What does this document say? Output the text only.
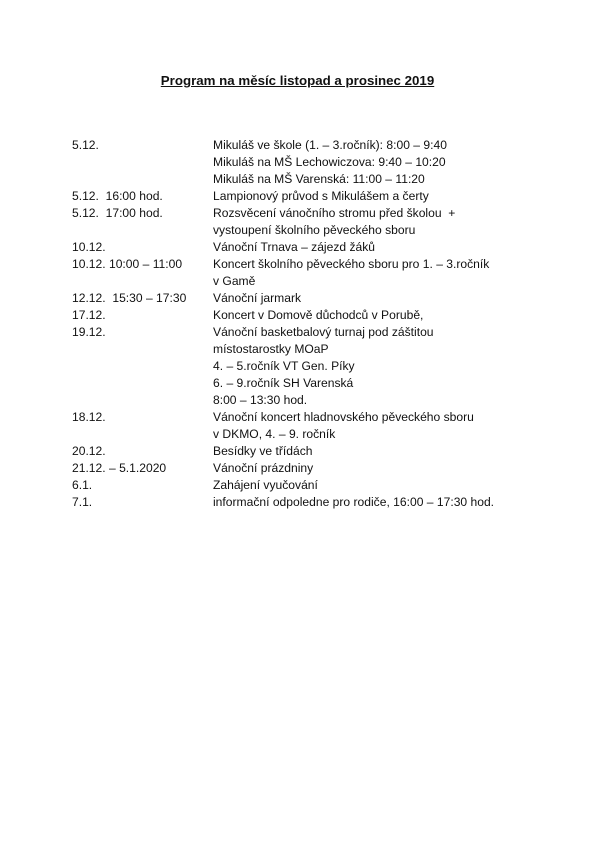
Program na měsíc listopad a prosinec 2019
5.12.	Mikuláš ve škole (1. – 3.ročník): 8:00 – 9:40
Mikuláš na MŠ Lechowiczova: 9:40 – 10:20
Mikuláš na MŠ Varenská: 11:00 – 11:20
5.12.  16:00 hod.	Lampionový průvod s Mikulášem a čerty
5.12.  17:00 hod.	Rozsvěcení vánočního stromu před školou  +
vystoupení školního pěveckého sboru
10.12.	Vánoční Trnava – zájezd žáků
10.12. 10:00 – 11:00	Koncert školního pěveckého sboru pro 1. – 3.ročník
v Gamě
12.12.  15:30 – 17:30	Vánoční jarmark
17.12.	Koncert v Domově důchodců v Porubě,
19.12.	Vánoční basketbalový turnaj pod záštitou
místostarostky MOaP
4. – 5.ročník VT Gen. Píky
6. – 9.ročník SH Varenská
8:00 – 13:30 hod.
18.12.	Vánoční koncert hladnovského pěveckého sboru
v DKMO, 4. – 9. ročník
20.12.	Besídky ve třídách
21.12. – 5.1.2020	Vánoční prázdniny
6.1.	Zahájení vyučování
7.1.	informační odpoledne pro rodiče, 16:00 – 17:30 hod.
